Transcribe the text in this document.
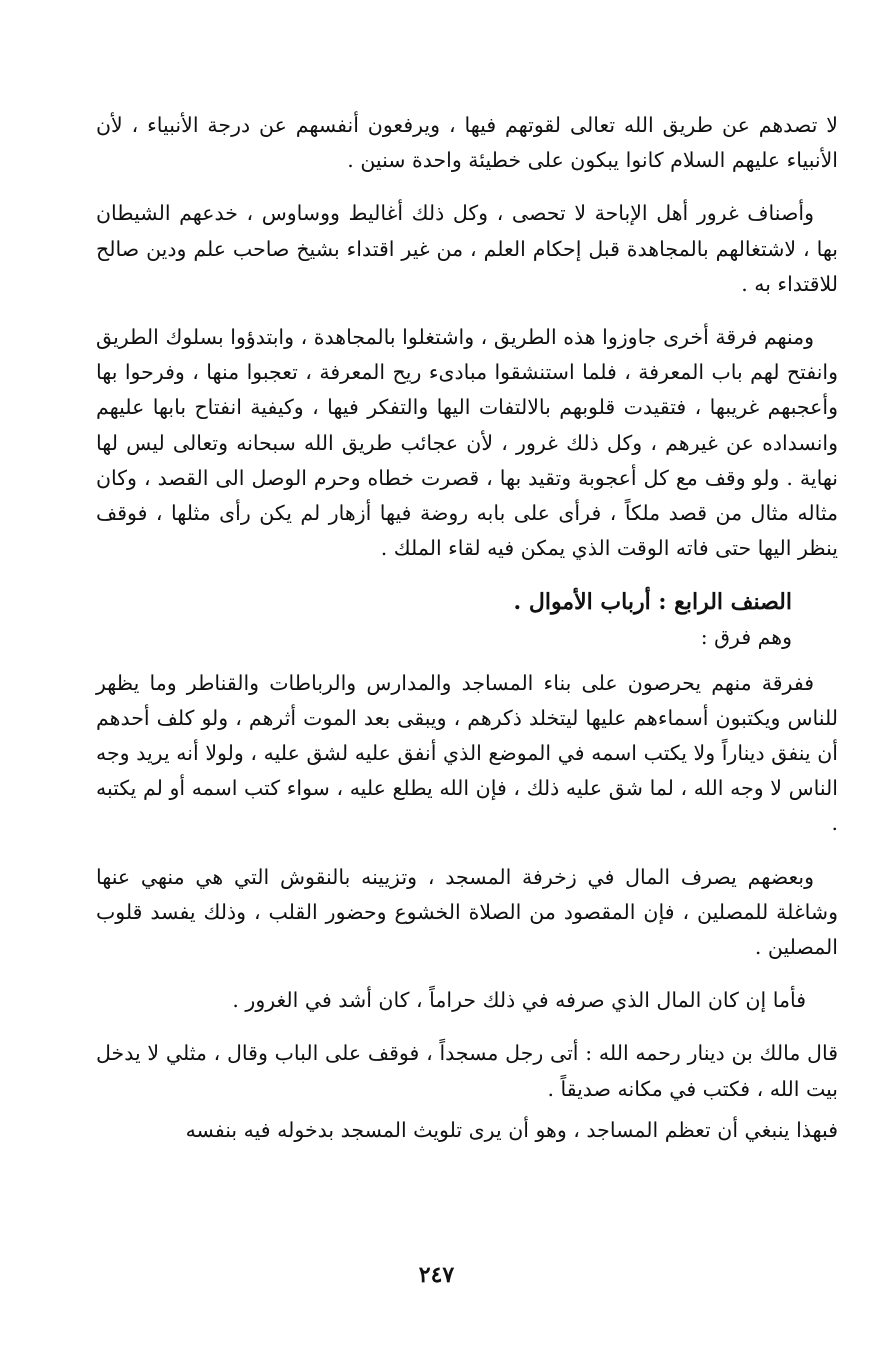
لا تصدهم عن طريق الله تعالى لقوتهم فيها ، ويرفعون أنفسهم عن درجة الأنبياء ، لأن الأنبياء عليهم السلام كانوا يبكون على خطيئة واحدة سنين .

وأصناف غرور أهل الإباحة لا تحصى ، وكل ذلك أغاليط ووساوس ، خدعهم الشيطان بها ، لاشتغالهم بالمجاهدة قبل إحكام العلم ، من غير اقتداء بشيخ صاحب علم ودين صالح للاقتداء به .

ومنهم فرقة أخرى جاوزوا هذه الطريق ، واشتغلوا بالمجاهدة ، وابتدؤوا بسلوك الطريق وانفتح لهم باب المعرفة ، فلما استنشقوا مبادىء ريح المعرفة ، تعجبوا منها ، وفرحوا بها وأعجبهم غريبها ، فتقيدت قلوبهم بالالتفات اليها والتفكر فيها ، وكيفية انفتاح بابها عليهم وانسداده عن غيرهم ، وكل ذلك غرور ، لأن عجائب طريق الله سبحانه وتعالى ليس لها نهاية . ولو وقف مع كل أعجوبة وتقيد بها ، قصرت خطاه وحرم الوصل الى القصد ، وكان مثاله مثال من قصد ملكاً ، فرأى على بابه روضة فيها أزهار لم يكن رأى مثلها ، فوقف ينظر اليها حتى فاته الوقت الذي يمكن فيه لقاء الملك .

الصنف الرابع : أرباب الأموال .

وهم فرق :

ففرقة منهم يحرصون على بناء المساجد والمدارس والرباطات والقناطر وما يظهر للناس ويكتبون أسماءهم عليها ليتخلد ذكرهم ، ويبقى بعد الموت أثرهم ، ولو كلف أحدهم أن ينفق ديناراً ولا يكتب اسمه في الموضع الذي أنفق عليه لشق عليه ، ولولا أنه يريد وجه الناس لا وجه الله ، لما شق عليه ذلك ، فإن الله يطلع عليه ، سواء كتب اسمه أو لم يكتبه .

وبعضهم يصرف المال في زخرفة المسجد ، وتزيينه بالنقوش التي هي منهي عنها وشاغلة للمصلين ، فإن المقصود من الصلاة الخشوع وحضور القلب ، وذلك يفسد قلوب المصلين .

فأما إن كان المال الذي صرفه في ذلك حراماً ، كان أشد في الغرور .

قال مالك بن دينار رحمه الله : أتى رجل مسجداً ، فوقف على الباب وقال ، مثلي لا يدخل بيت الله ، فكتب في مكانه صديقاً .

فبهذا ينبغي أن تعظم المساجد ، وهو أن يرى تلويث المسجد بدخوله فيه بنفسه

٢٤٧
